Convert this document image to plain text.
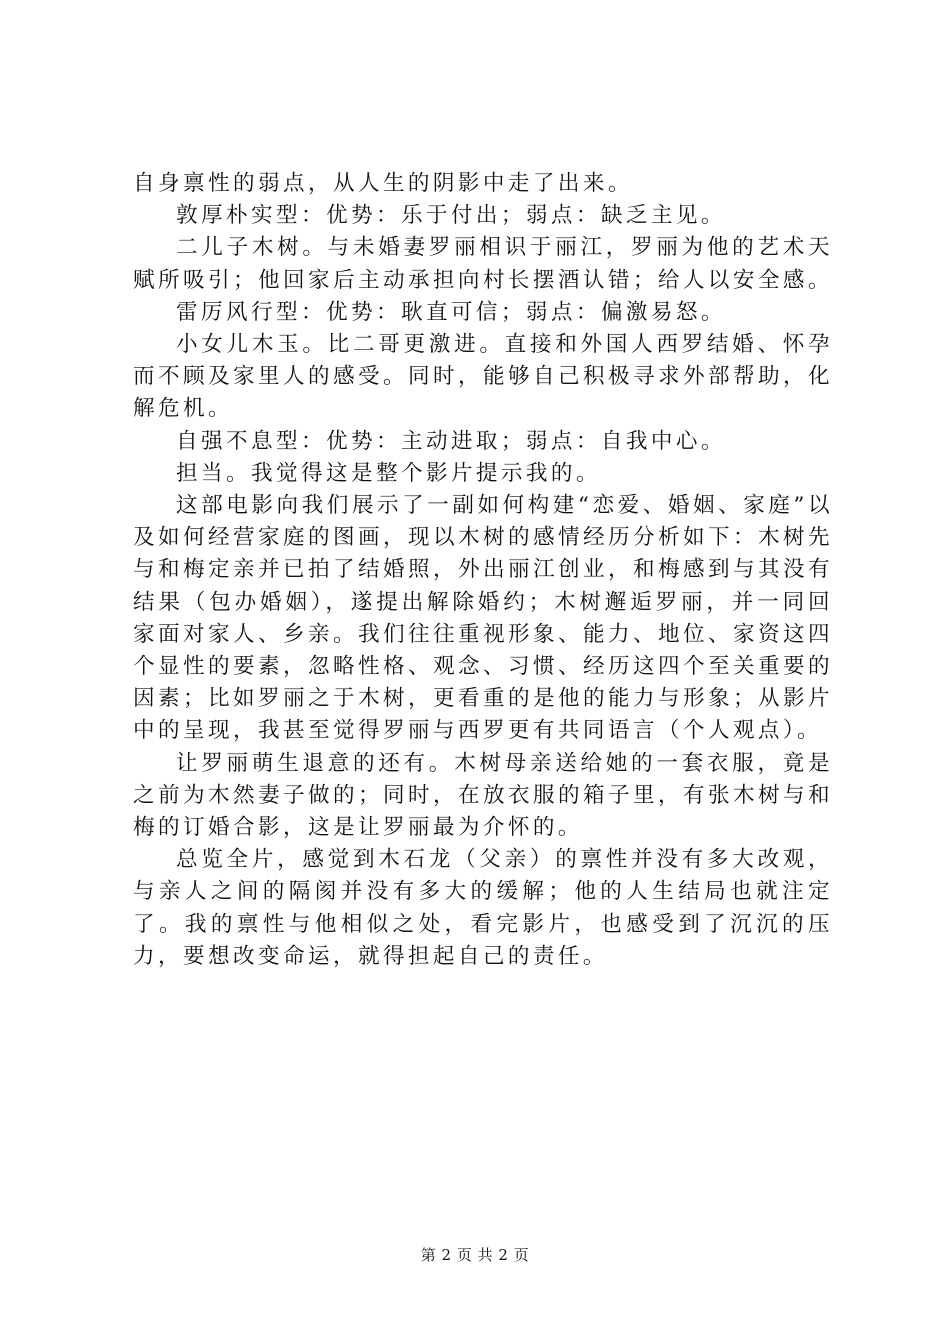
自身禀性的弱点，从人生的阴影中走了出来。

敦厚朴实型：优势：乐于付出；弱点：缺乏主见。

二儿子木树。与未婚妻罗丽相识于丽江，罗丽为他的艺术天赋所吸引；他回家后主动承担向村长摆酒认错；给人以安全感。

雷厉风行型：优势：耿直可信；弱点：偏激易怒。

小女儿木玉。比二哥更激进。直接和外国人西罗结婚、怀孕而不顾及家里人的感受。同时，能够自己积极寻求外部帮助，化解危机。

自强不息型：优势：主动进取；弱点：自我中心。

担当。我觉得这是整个影片提示我的。

这部电影向我们展示了一副如何构建“恋爱、婚姻、家庭”以及如何经营家庭的图画，现以木树的感情经历分析如下：木树先与和梅定亲并已拍了结婚照，外出丽江创业，和梅感到与其没有结果（包办婚姻），遂提出解除婚约；木树邂逅罗丽，并一同回家面对家人、乡亲。我们往往重视形象、能力、地位、家资这四个显性的要素，忽略性格、观念、习惯、经历这四个至关重要的因素；比如罗丽之于木树，更看重的是他的能力与形象；从影片中的呈现，我甚至觉得罗丽与西罗更有共同语言（个人观点）。

让罗丽萌生退意的还有。木树母亲送给她的一套衣服，竟是之前为木然妻子做的；同时，在放衣服的箱子里，有张木树与和梅的订婚合影，这是让罗丽最为介怀的。

总览全片，感觉到木石龙（父亲）的禀性并没有多大改观，与亲人之间的隔阂并没有多大的缓解；他的人生结局也就注定了。我的禀性与他相似之处，看完影片，也感受到了沉沉的压力，要想改变命运，就得担起自己的责任。

第 2 页 共 2 页
